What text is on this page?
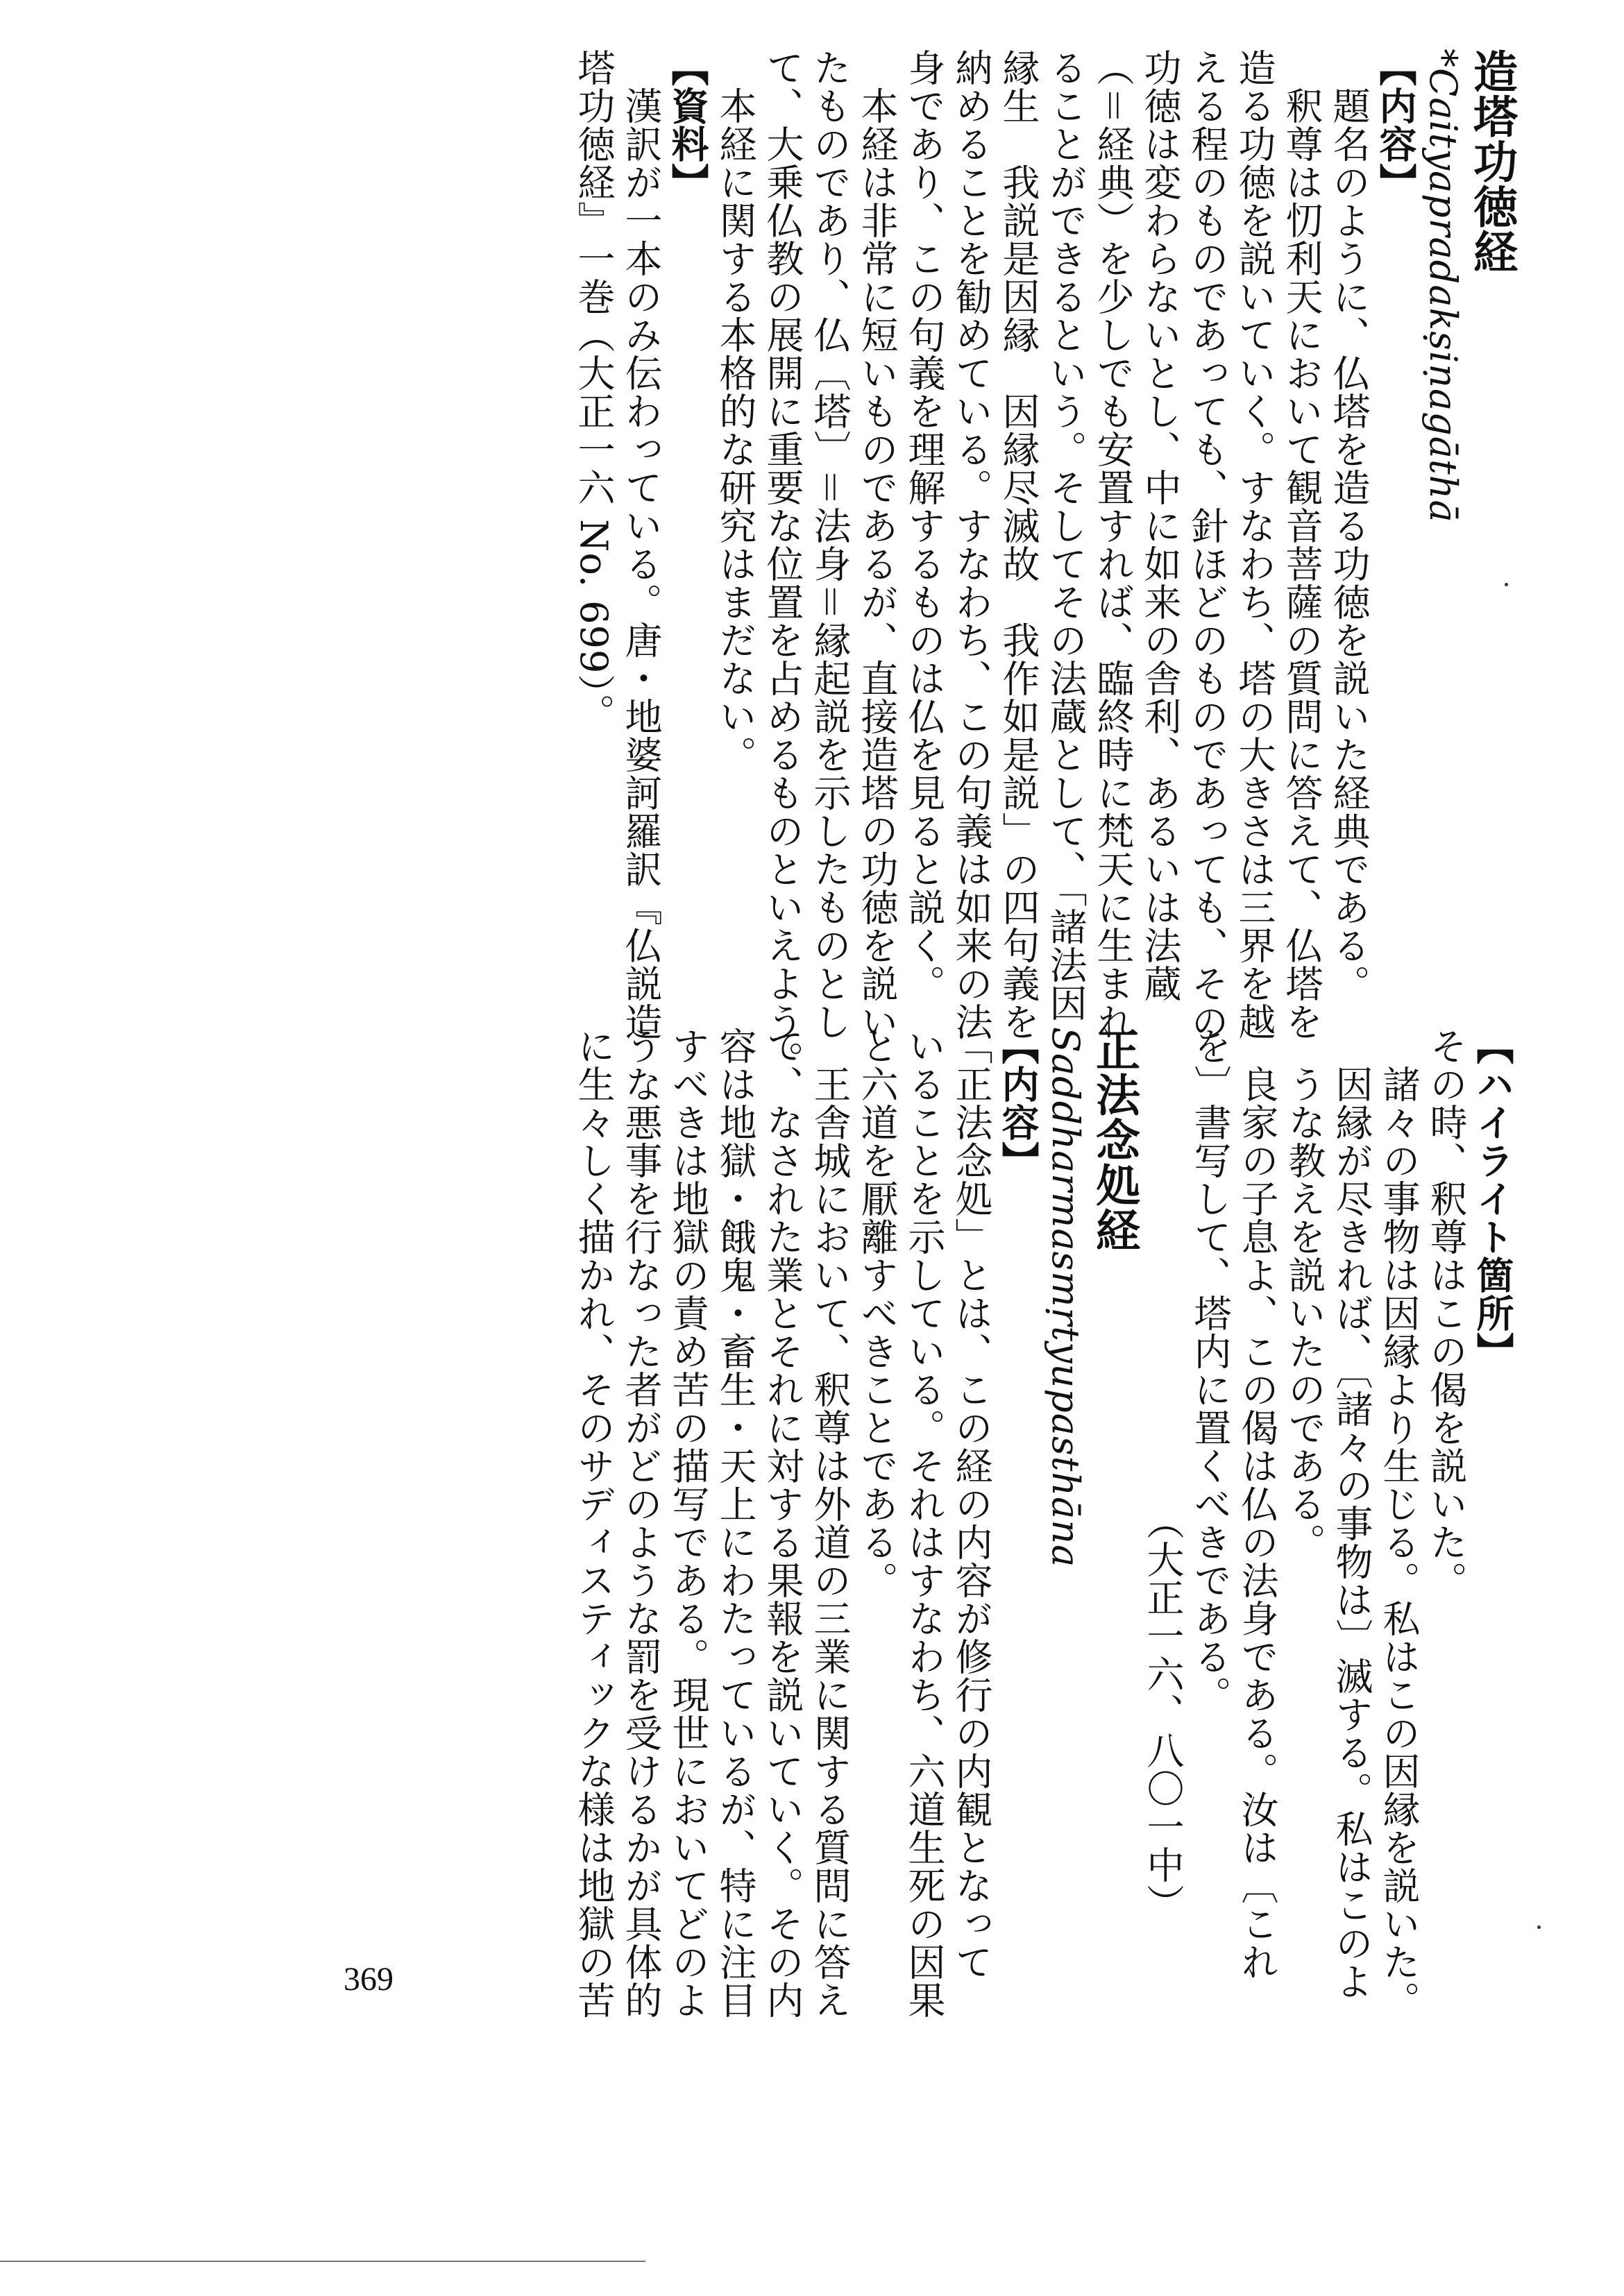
造塔功徳経
*Caityapradakṣiṇagāthā
【内容】
　題名のように、仏塔を造る功徳を説いた経典である。
　釈尊は忉利天において観音菩薩の質問に答えて、仏塔を
造る功徳を説いていく。すなわち、塔の大きさは三界を越
える程のものであっても、針ほどのものであっても、その
功徳は変わらないとし、中に如来の舎利、あるいは法蔵
（＝経典）を少しでも安置すれば、臨終時に梵天に生まれ
ることができるという。そしてその法蔵として、「諸法因
縁生　我説是因縁　因縁尽滅故　我作如是説」の四句義を
納めることを勧めている。すなわち、この句義は如来の法
身であり、この句義を理解するものは仏を見ると説く。
　本経は非常に短いものであるが、直接造塔の功徳を説い
たものであり、仏〔塔〕＝法身＝縁起説を示したものとし
て、大乗仏教の展開に重要な位置を占めるものといえよう。
　本経に関する本格的な研究はまだない。
【資料】
　漢訳が一本のみ伝わっている。唐・地婆訶羅訳『仏説造
塔功徳経』一巻（大正一六 No. 699）。
【ハイライト箇所】
その時、釈尊はこの偈を説いた。
　諸々の事物は因縁より生じる。私はこの因縁を説いた。
　因縁が尽きれば、〔諸々の事物は〕滅する。私はこのよ
　うな教えを説いたのである。
　良家の子息よ、この偈は仏の法身である。汝は〔これ
を〕書写して、塔内に置くべきである。
（大正一六、八〇一中）
正法念処経
Saddharmasmṛtyupasthāna
【内容】
「正法念処」とは、この経の内容が修行の内観となって
いることを示している。それはすなわち、六道生死の因果
と六道を厭離すべきことである。
　王舎城において、釈尊は外道の三業に関する質問に答え
て、なされた業とそれに対する果報を説いていく。その内
容は地獄・餓鬼・畜生・天上にわたっているが、特に注目
すべきは地獄の責め苦の描写である。現世においてどのよ
うな悪事を行なった者がどのような罰を受けるかが具体的
に生々しく描かれ、そのサディスティックな様は地獄の苦
369
